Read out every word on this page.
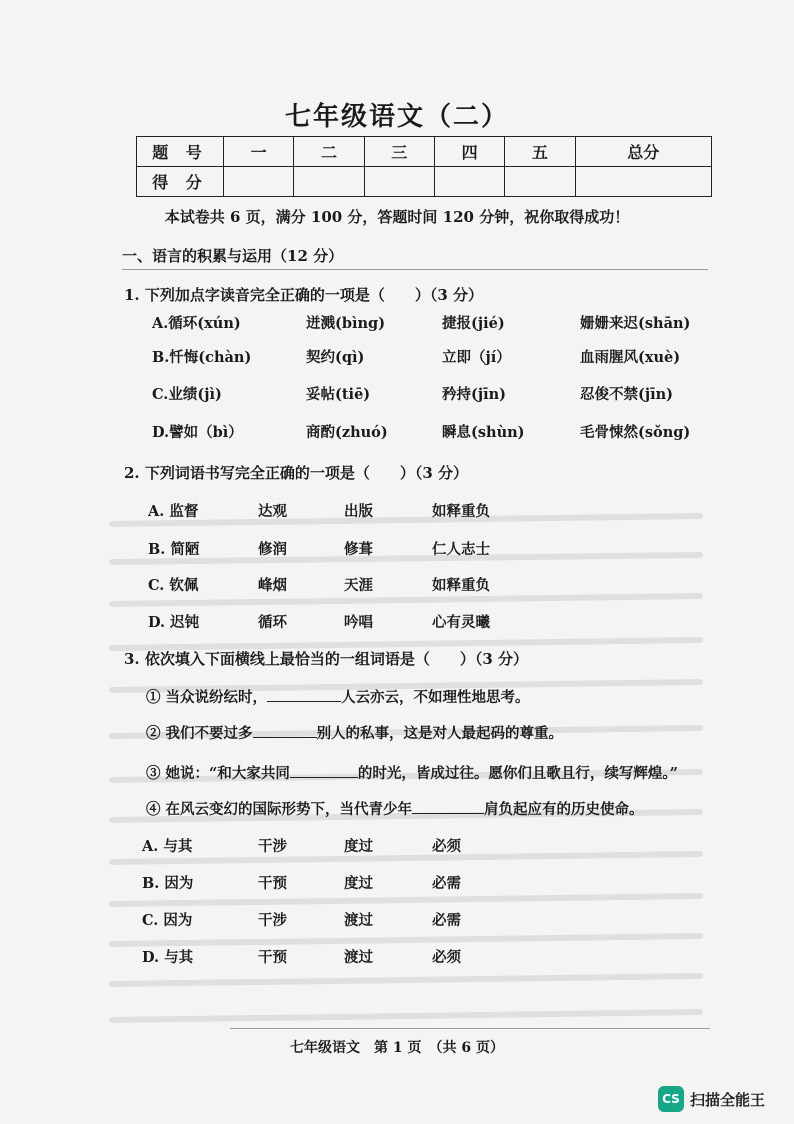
七年级语文（二）
题 号	一	二	三	四	五	总分
得 分						
本试卷共 6 页，满分 100 分，答题时间 120 分钟，祝你取得成功！
一、语言的积累与运用（12 分）
1. 下列加点字读音完全正确的一项是（　　）（3 分）
A.循环(xún)	迸溅(bìng)	捷报(jié)	姗姗来迟(shān)
B.忏悔(chàn)	契约(qì)	立即（jí）	血雨腥风(xuè)
C.业绩(jì)	妥帖(tiē)	矜持(jīn)	忍俊不禁(jīn)
D.譬如（bì）	商酌(zhuó)	瞬息(shùn)	毛骨悚然(sǒng)
2. 下列词语书写完全正确的一项是（　　）（3 分）
A. 监督	达观	出版	如释重负
B. 简陋	修润	修葺	仁人志士
C. 钦佩	峰烟	天涯	如释重负
D. 迟钝	循环	吟唱	心有灵曦
3. 依次填入下面横线上最恰当的一组词语是（　　）（3 分）
① 当众说纷纭时，	人云亦云，不如理性地思考。
② 我们不要过多	别人的私事，这是对人最起码的尊重。
③ 她说：“和大家共同	的时光，皆成过往。愿你们且歌且行，续写辉煌。”
④ 在风云变幻的国际形势下，当代青少年	肩负起应有的历史使命。
A. 与其	干涉	度过	必须
B. 因为	干预	度过	必需
C. 因为	干涉	渡过	必需
D. 与其	干预	渡过	必须
七年级语文　第 1 页　（共 6 页）
CS 扫描全能王
